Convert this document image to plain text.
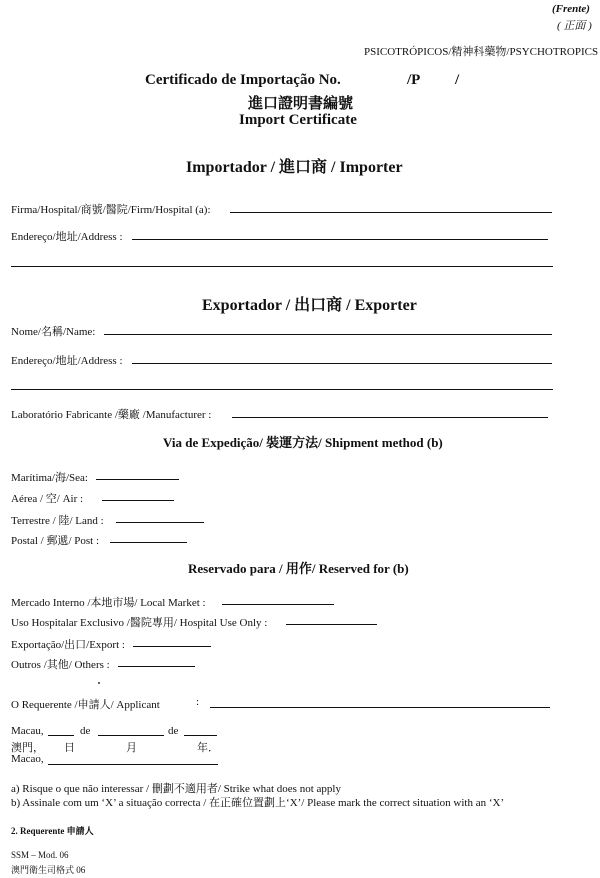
(Frente)
( 正面 )
PSICOTRÓPICOS/精神科藥物/PSYCHOTROPICS
Certificado de Importação No.	/P /
進口證明書編號
Import Certificate
Importador / 進口商 / Importer
Firma/Hospital/商號/醫院/Firm/Hospital (a):
Endereço/地址/Address :
Exportador / 出口商 / Exporter
Nome/名稱/Name:
Endereço/地址/Address :
Laboratório Fabricante /藥廠 /Manufacturer :
Via de Expedição/ 裝運方法/ Shipment method (b)
Marítima/海/Sea:
Aérea / 空/ Air :
Terrestre / 陸/ Land :
Postal / 郵遞/ Post :
Reservado para / 用作/ Reserved for (b)
Mercado Interno /本地市場/ Local Market :
Uso Hospitalar Exclusivo /醫院專用/ Hospital Use Only :
Exportação/出口/Export :
Outros /其他/ Others :
O Requerente /申請人/ Applicant	:
Macau,	de	de
澳門， 日	月	年．
Macao,
a) Risque o que não interessar / 刪劃不適用者/ Strike what does not apply
b) Assinale com um ‘X’ a situação correcta / 在正確位置劃上‘X’/ Please mark the correct situation with an ‘X’
2. Requerente 申請人
SSM – Mod. 06
澳門衛生司格式 06
